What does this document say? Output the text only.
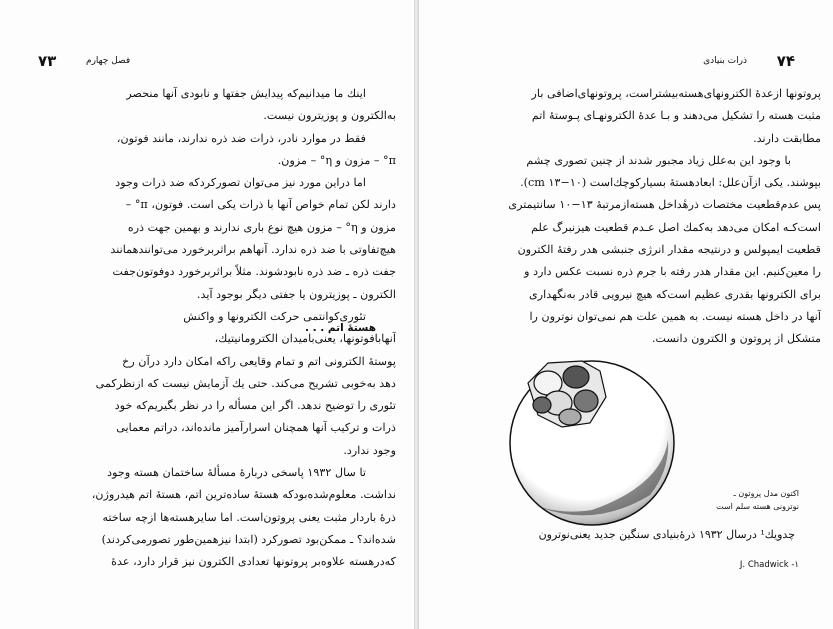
۷۳	فصل چهارم
اینك ما میدانیم‌که پیدایش جفتها و نابودی آنها منحصر
به‌الکترون و پوزیترون نیست.
فقط در موارد نادر، ذرات ضد ذره ندارند، مانند فوتون،
π° – مزون و η° – مزون.
اما دراین مورد نیز می‌توان تصورکردکه ضد ذرات وجود
دارند لکن تمام خواص آنها با ذرات یکی است. فوتون، π° –
مزون و η° – مزون هیچ نوع باری ندارند و بهمین جهت ذره
هیچ‌تفاوتی با ضد ذره ندارد. آنهاهم براثربرخورد می‌توانندهمانند
جفت ذره ـ ضد ذره نابودشوند. مثلاً براثربرخورد دوفوتون‌جفت
الکترون ـ پوزیترون یا جفتی دیگر بوجود آید.
تئوری‌کوانتمی حرکت الکترونها و واکنش
آنهابافوتونها، یعنی‌بامیدان الکترومانیتیك،
پوستهٔ الکترونی اتم و تمام وقایعی راکه امکان دارد درآن رخ
دهد به‌خوبی تشریح می‌کند. حتی یك آزمایش نیست که ازنظرکمی
تئوری را توضیح ندهد. اگر این مسأله را در نظر بگیریم‌که خود
ذرات و ترکیب آنها همچنان اسرارآمیز مانده‌اند، دراتم معمایی
وجود ندارد.
تا سال ۱۹۳۲ پاسخی دربارهٔ مسألهٔ ساختمان هسته وجود
نداشت. معلوم‌شده‌بودکه هستهٔ ساده‌ترین اتم، هستهٔ اتم هیدروژن،
ذرهٔ باردار مثبت یعنی پروتون‌است. اما سایرهسته‌ها ازچه ساخته
شده‌اند؟ ـ ممکن‌بود تصورکرد (ابتدا نیزهمین‌طور تصورمی‌کردند)
که‌درهسته علاوه‌بر پروتونها تعدادی الکترون نیز قرار دارد، عدهٔ
هستهٔ اتم . . .
۷۴
ذرات بنیادی
پروتونها ازعدهٔ الکترونهای‌هسته‌بیشتراست، پروتونهای‌اضافی بار
مثبت هسته را تشکیل می‌دهند و بـا عدهٔ الکترونهـای پـوستهٔ اتم
مطابقت دارند.
با وجود این به‌علل زیاد مجبور شدند از چنین تصوری چشم
بپوشند. یکی ازآن‌علل: ابعادهستهٔ بسیارکوچك‌است (cm ۱۳−۱۰).
پس عدم‌قطعیت مختصات ذرهٔداخل هسته‌ازمرتبهٔ ۱۳−۱۰ سانتیمتری
است‌کـه امکان می‌دهد به‌کمك اصل عـدم قطعیت هیزنبرگ علم
قطعیت ایمپولس و درنتیجه مقدار انرژی جنبشی هدر رفتهٔ الکترون
را معین‌کنیم. این مقدار هدر رفته با جرم ذره نسبت عکس دارد و
برای الکترونها بقدری عظیم است‌که هیچ نیرویی قادر به‌نگهداری
آنها در داخل هسته نیست. به همین علت هم نمی‌توان نوترون را
متشکل از پروتون و الکترون دانست.
اکتون مدل پروتون ـ
نوترونی هسته سلم است
چدویك¹ درسال ۱۹۳۲ ذرهٔ‌بنیادی سنگین جدید یعنی‌نوترون
J. Chadwick -۱
